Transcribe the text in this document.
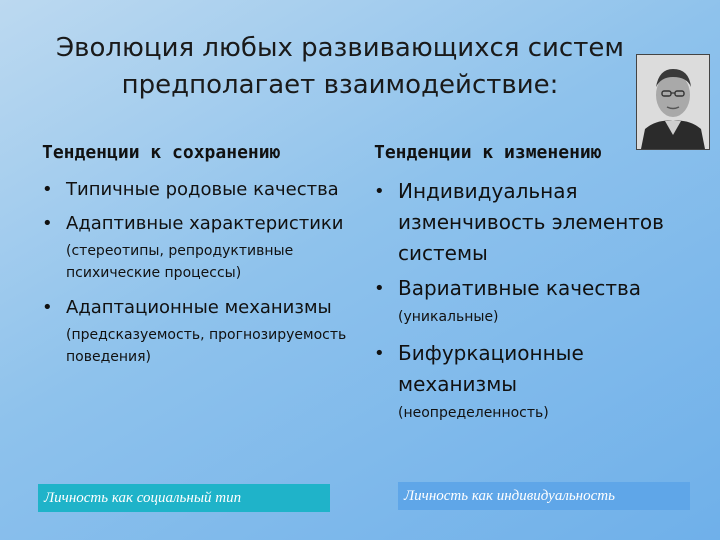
Эволюция любых развивающихся систем
предполагает взаимодействие:
Тенденции к сохранению	Тенденции к изменению
• Типичные родовые качества
• Адаптивные характеристики
(стереотипы, репродуктивные психические процессы)
• Адаптационные механизмы
(предсказуемость, прогнозируемость поведения)
• Индивидуальная изменчивость элементов системы
• Вариативные качества
(уникальные)
• Бифуркационные механизмы
(неопределенность)
Личность как социальный тип	Личность как индивидуальность
